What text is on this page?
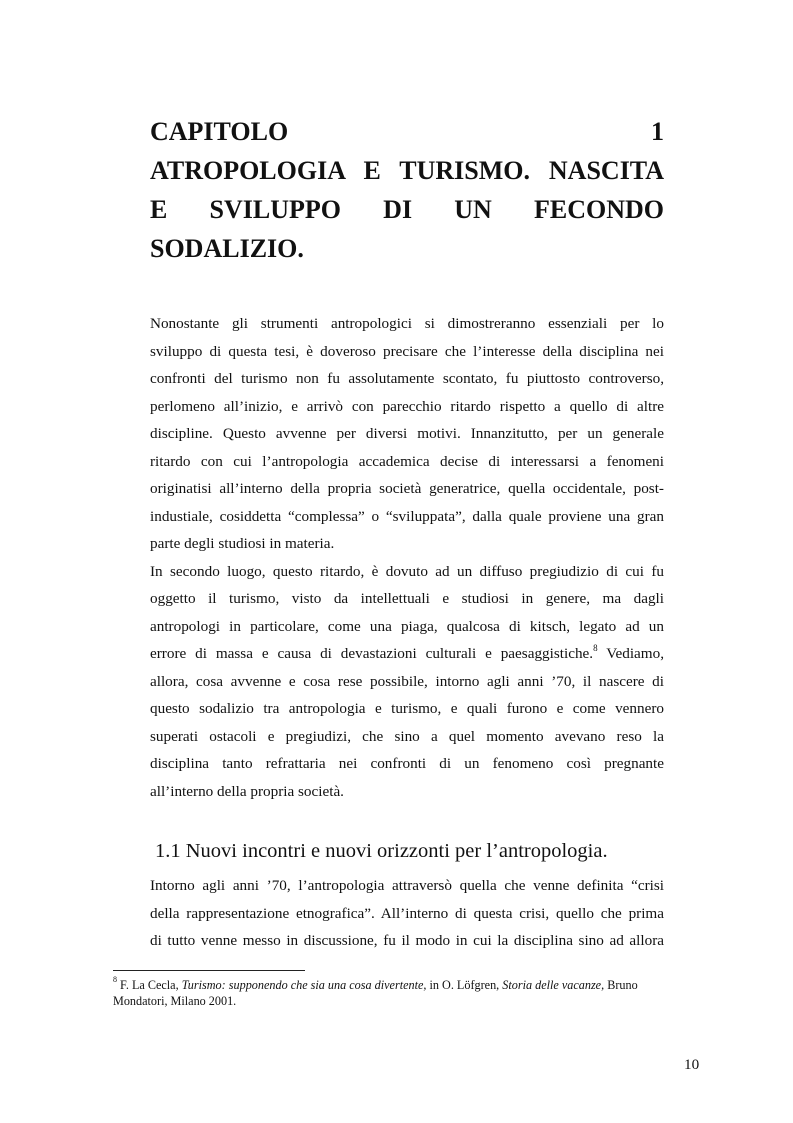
CAPITOLO 1
ATROPOLOGIA E TURISMO. NASCITA
E SVILUPPO DI UN FECONDO
SODALIZIO.
Nonostante gli strumenti antropologici si dimostreranno essenziali per lo
sviluppo di questa tesi, è doveroso precisare che l’interesse della disciplina nei
confronti del turismo non fu assolutamente scontato, fu piuttosto controverso,
perlomeno all’inizio, e arrivò con parecchio ritardo rispetto a quello di altre
discipline. Questo avvenne per diversi motivi. Innanzitutto, per un generale
ritardo con cui l’antropologia accademica decise di interessarsi a fenomeni
originatisi all’interno della propria società generatrice, quella occidentale, post-
industiale, cosiddetta “complessa” o “sviluppata”, dalla quale proviene una gran
parte degli studiosi in materia.
In secondo luogo, questo ritardo, è dovuto ad un diffuso pregiudizio di cui fu
oggetto il turismo, visto da intellettuali e studiosi in genere, ma dagli
antropologi in particolare, come una piaga, qualcosa di kitsch, legato ad un
errore di massa e causa di devastazioni culturali e paesaggistiche.$^8$ Vediamo,
allora, cosa avvenne e cosa rese possibile, intorno agli anni ’70, il nascere di
questo sodalizio tra antropologia e turismo, e quali furono e come vennero
superati ostacoli e pregiudizi, che sino a quel momento avevano reso la
disciplina tanto refrattaria nei confronti di un fenomeno così pregnante
all’interno della propria società.
1.1 Nuovi incontri e nuovi orizzonti per l’antropologia.
Intorno agli anni ’70, l’antropologia attraversò quella che venne definita “crisi
della rappresentazione etnografica”. All’interno di questa crisi, quello che prima
di tutto venne messo in discussione, fu il modo in cui la disciplina sino ad allora

$^8$ F. La Cecla, Turismo: supponendo che sia una cosa divertente, in O. Löfgren, Storia delle vacanze, Bruno Mondatori, Milano 2001.

10
